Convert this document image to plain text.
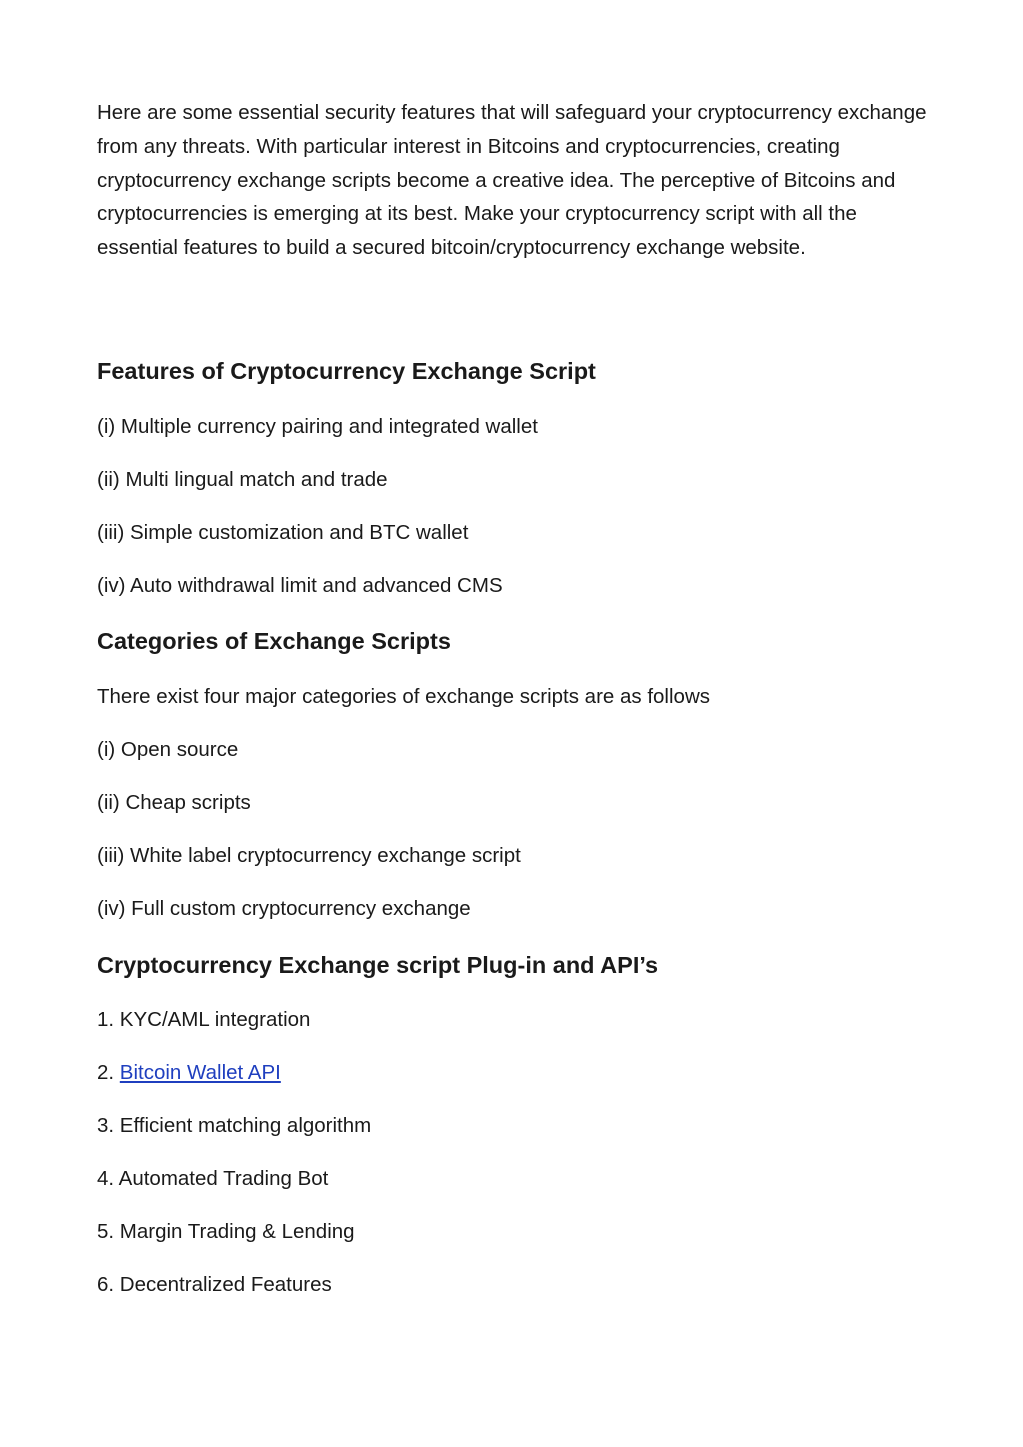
Here are some essential security features that will safeguard your cryptocurrency exchange from any threats. With particular interest in Bitcoins and cryptocurrencies, creating cryptocurrency exchange scripts become a creative idea. The perceptive of Bitcoins and cryptocurrencies is emerging at its best. Make your cryptocurrency script with all the essential features to build a secured bitcoin/cryptocurrency exchange website.

Features of Cryptocurrency Exchange Script

(i) Multiple currency pairing and integrated wallet

(ii) Multi lingual match and trade

(iii) Simple customization and BTC wallet

(iv) Auto withdrawal limit and advanced CMS

Categories of Exchange Scripts

There exist four major categories of exchange scripts are as follows

(i) Open source

(ii) Cheap scripts

(iii) White label cryptocurrency exchange script

(iv) Full custom cryptocurrency exchange

Cryptocurrency Exchange script Plug-in and API’s

1. KYC/AML integration

2. Bitcoin Wallet API

3. Efficient matching algorithm

4. Automated Trading Bot

5. Margin Trading & Lending

6. Decentralized Features
